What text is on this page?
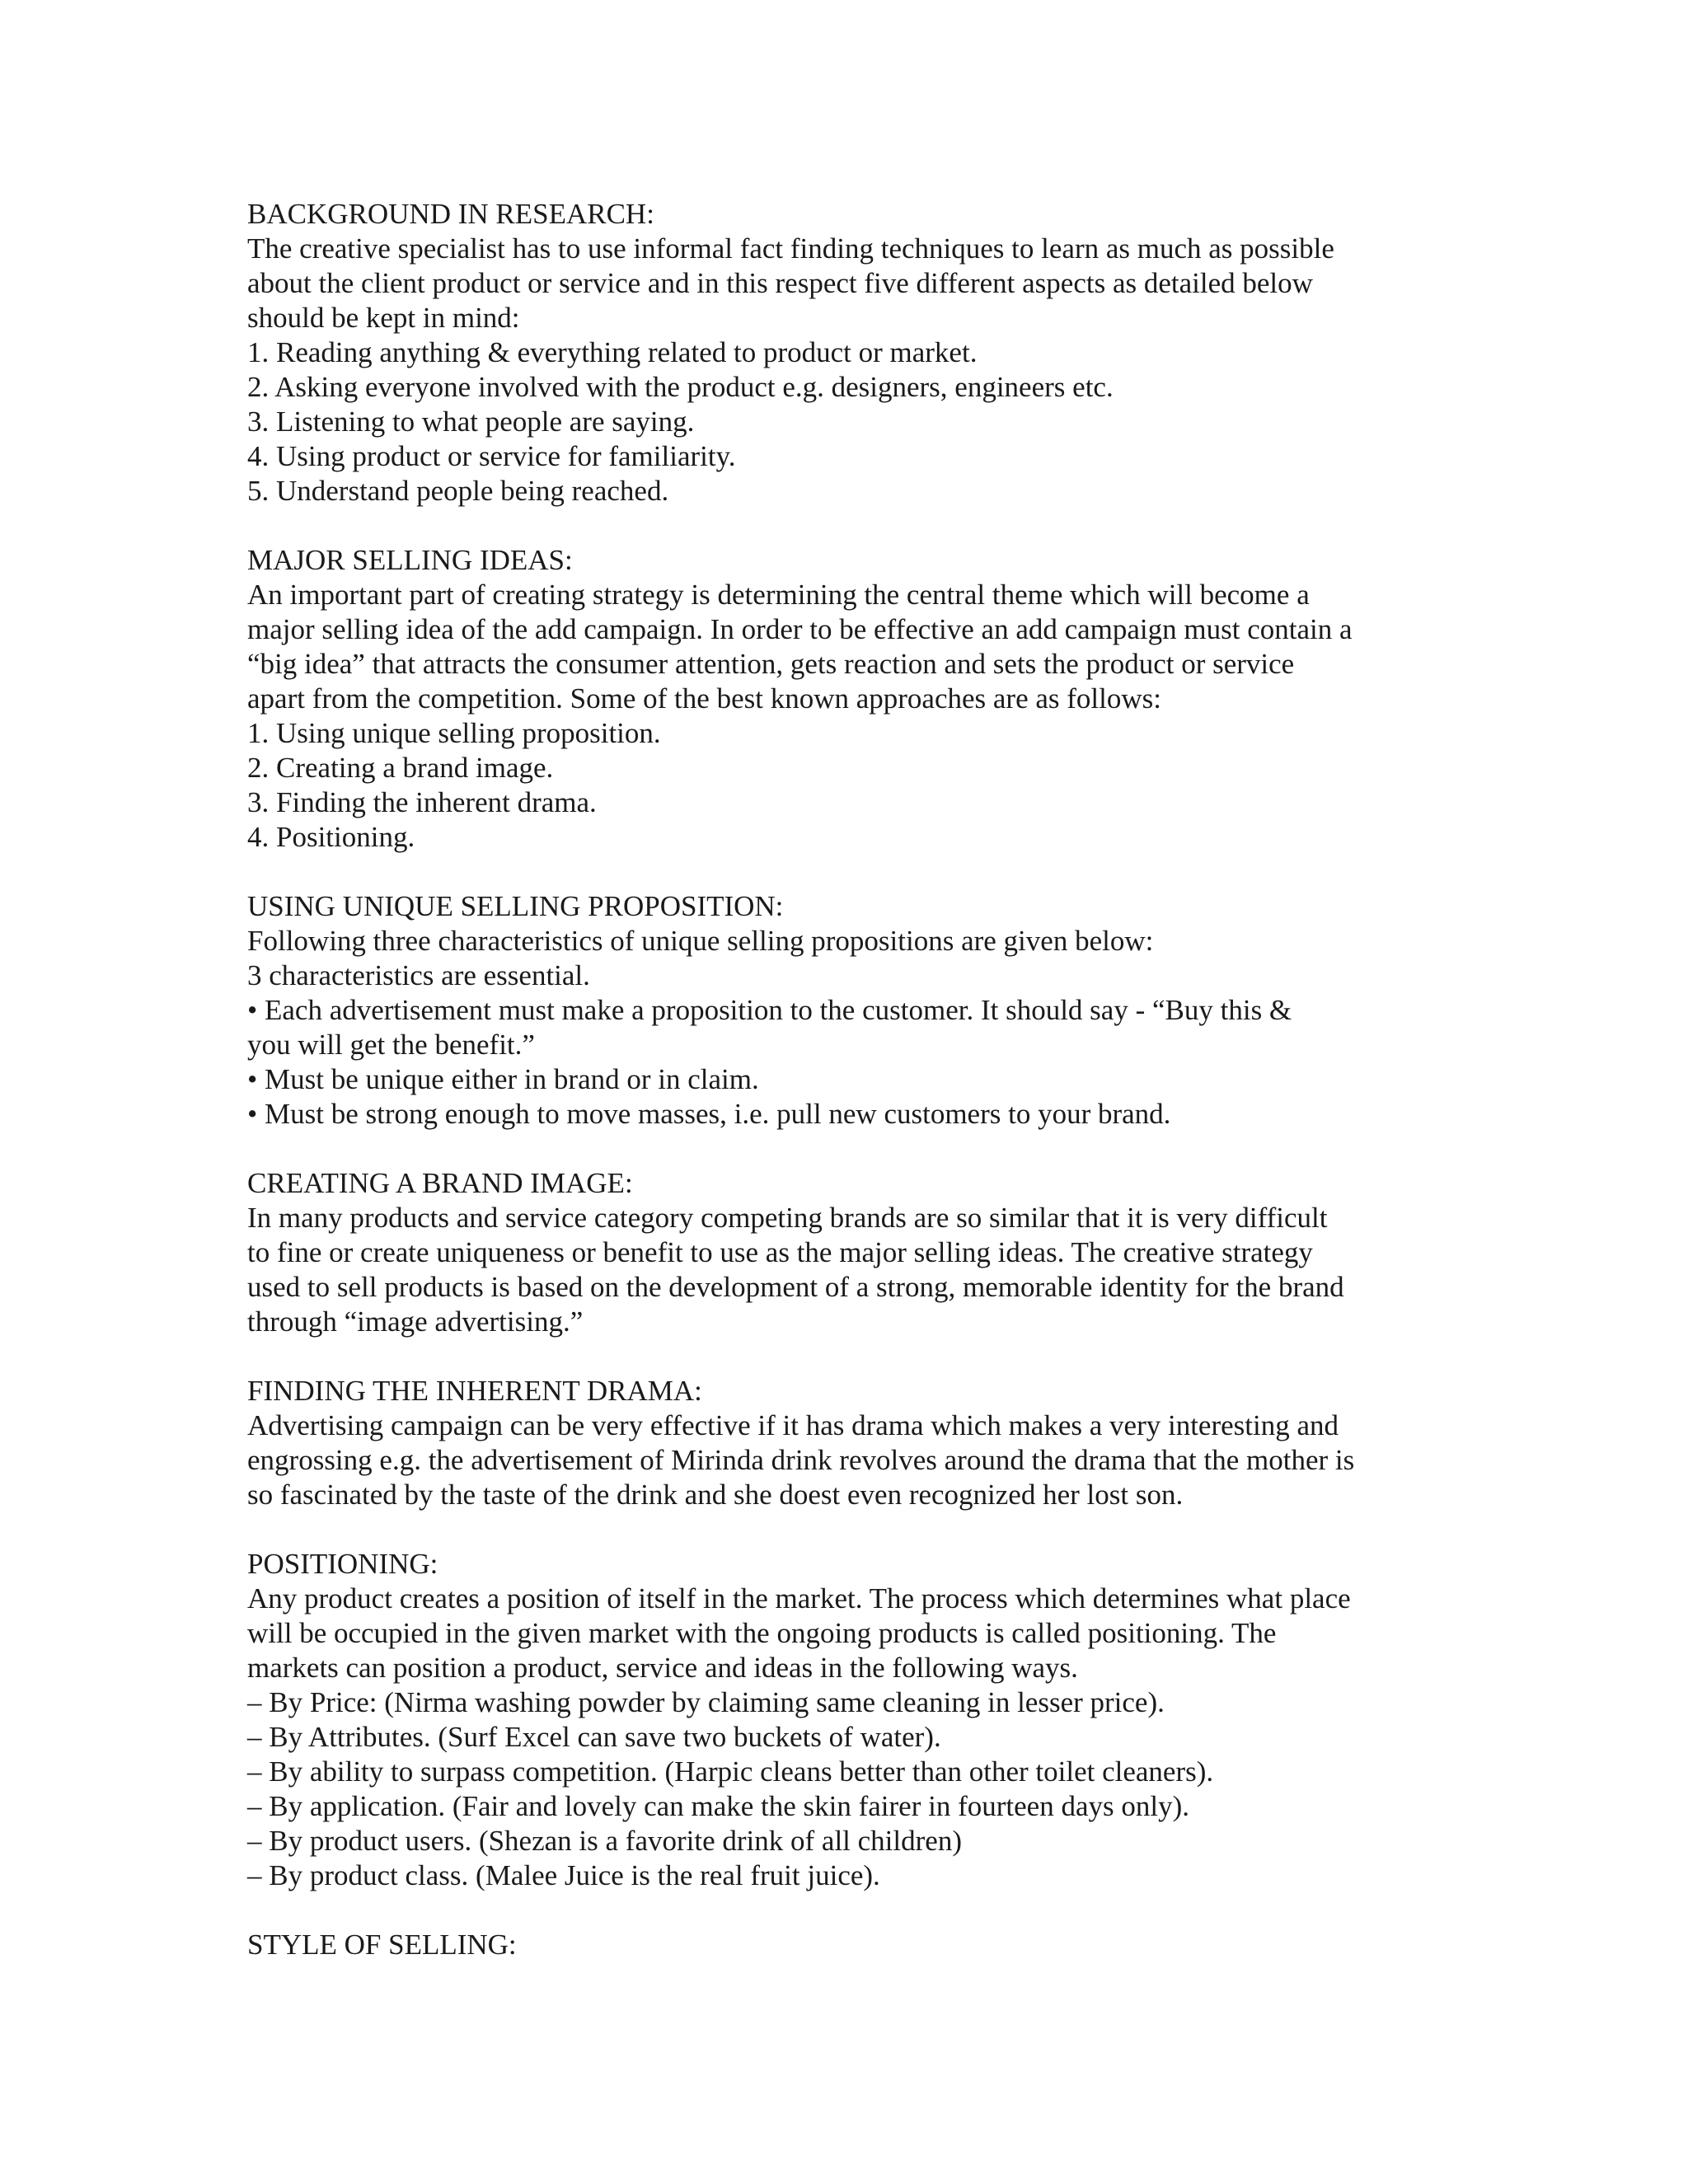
BACKGROUND IN RESEARCH:
The creative specialist has to use informal fact finding techniques to learn as much as possible
about the client product or service and in this respect five different aspects as detailed below
should be kept in mind:
1. Reading anything & everything related to product or market.
2. Asking everyone involved with the product e.g. designers, engineers etc.
3. Listening to what people are saying.
4. Using product or service for familiarity.
5. Understand people being reached.
MAJOR SELLING IDEAS:
An important part of creating strategy is determining the central theme which will become a
major selling idea of the add campaign. In order to be effective an add campaign must contain a
“big idea” that attracts the consumer attention, gets reaction and sets the product or service
apart from the competition. Some of the best known approaches are as follows:
1. Using unique selling proposition.
2. Creating a brand image.
3. Finding the inherent drama.
4. Positioning.
USING UNIQUE SELLING PROPOSITION:
Following three characteristics of unique selling propositions are given below:
3 characteristics are essential.
• Each advertisement must make a proposition to the customer. It should say - “Buy this &
you will get the benefit.”
• Must be unique either in brand or in claim.
• Must be strong enough to move masses, i.e. pull new customers to your brand.
CREATING A BRAND IMAGE:
In many products and service category competing brands are so similar that it is very difficult
to fine or create uniqueness or benefit to use as the major selling ideas. The creative strategy
used to sell products is based on the development of a strong, memorable identity for the brand
through “image advertising.”
FINDING THE INHERENT DRAMA:
Advertising campaign can be very effective if it has drama which makes a very interesting and
engrossing e.g. the advertisement of Mirinda drink revolves around the drama that the mother is
so fascinated by the taste of the drink and she doest even recognized her lost son.
POSITIONING:
Any product creates a position of itself in the market. The process which determines what place
will be occupied in the given market with the ongoing products is called positioning. The
markets can position a product, service and ideas in the following ways.
– By Price: (Nirma washing powder by claiming same cleaning in lesser price).
– By Attributes. (Surf Excel can save two buckets of water).
– By ability to surpass competition. (Harpic cleans better than other toilet cleaners).
– By application. (Fair and lovely can make the skin fairer in fourteen days only).
– By product users. (Shezan is a favorite drink of all children)
– By product class. (Malee Juice is the real fruit juice).
STYLE OF SELLING:
